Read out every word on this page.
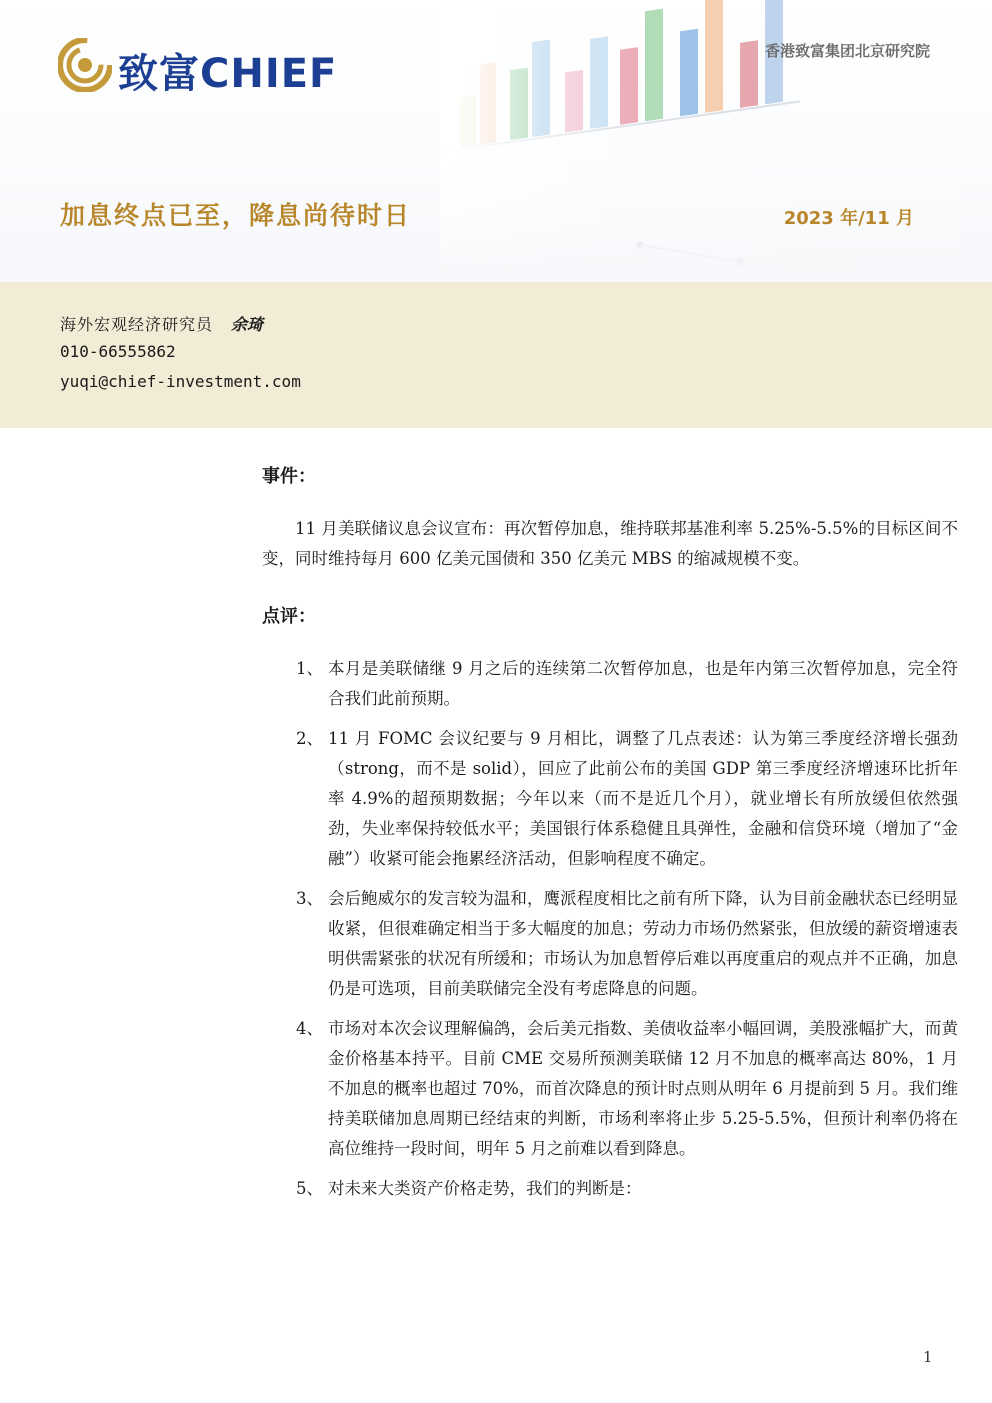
致富CHIEF	香港致富集团北京研究院
加息终点已至，降息尚待时日	2023 年/11 月
海外宏观经济研究员 余琦
010-66555862
yuqi@chief-investment.com
事件：

11 月美联储议息会议宣布：再次暂停加息，维持联邦基准利率 5.25%-5.5%的目标区间不变，同时维持每月 600 亿美元国债和 350 亿美元 MBS 的缩减规模不变。

点评：
1、 本月是美联储继 9 月之后的连续第二次暂停加息，也是年内第三次暂停加息，完全符合我们此前预期。
2、 11 月 FOMC 会议纪要与 9 月相比，调整了几点表述：认为第三季度经济增长强劲（strong，而不是 solid），回应了此前公布的美国 GDP 第三季度经济增速环比折年率 4.9%的超预期数据；今年以来（而不是近几个月），就业增长有所放缓但依然强劲，失业率保持较低水平；美国银行体系稳健且具弹性，金融和信贷环境（增加了“金融”）收紧可能会拖累经济活动，但影响程度不确定。
3、 会后鲍威尔的发言较为温和，鹰派程度相比之前有所下降，认为目前金融状态已经明显收紧，但很难确定相当于多大幅度的加息；劳动力市场仍然紧张，但放缓的薪资增速表明供需紧张的状况有所缓和；市场认为加息暂停后难以再度重启的观点并不正确，加息仍是可选项，目前美联储完全没有考虑降息的问题。
4、 市场对本次会议理解偏鸽，会后美元指数、美债收益率小幅回调，美股涨幅扩大，而黄金价格基本持平。目前 CME 交易所预测美联储 12 月不加息的概率高达 80%，1 月不加息的概率也超过 70%，而首次降息的预计时点则从明年 6 月提前到 5 月。我们维持美联储加息周期已经结束的判断，市场利率将止步 5.25-5.5%，但预计利率仍将在高位维持一段时间，明年 5 月之前难以看到降息。
5、 对未来大类资产价格走势，我们的判断是：
1
